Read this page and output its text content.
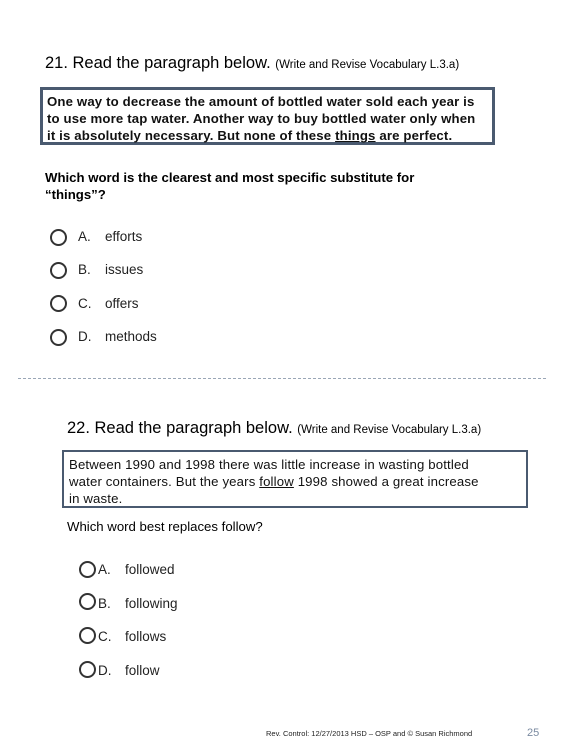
21. Read the paragraph below. (Write and Revise Vocabulary L.3.a)
One way to decrease the amount of bottled water sold each year is
to use more tap water. Another way to buy bottled water only when
it is absolutely necessary. But none of these things are perfect.
Which word is the clearest and most specific substitute for
“things”?
A.	efforts
B.	issues
C.	offers
D.	methods
22. Read the paragraph below. (Write and Revise Vocabulary L.3.a)
Between 1990 and 1998 there was little increase in wasting bottled
water containers. But the years follow 1998 showed a great increase
in waste.
Which word best replaces follow?
A.	followed
B.	following
C.	follows
D.	follow
Rev. Control: 12/27/2013 HSD – OSP and © Susan Richmond	25
